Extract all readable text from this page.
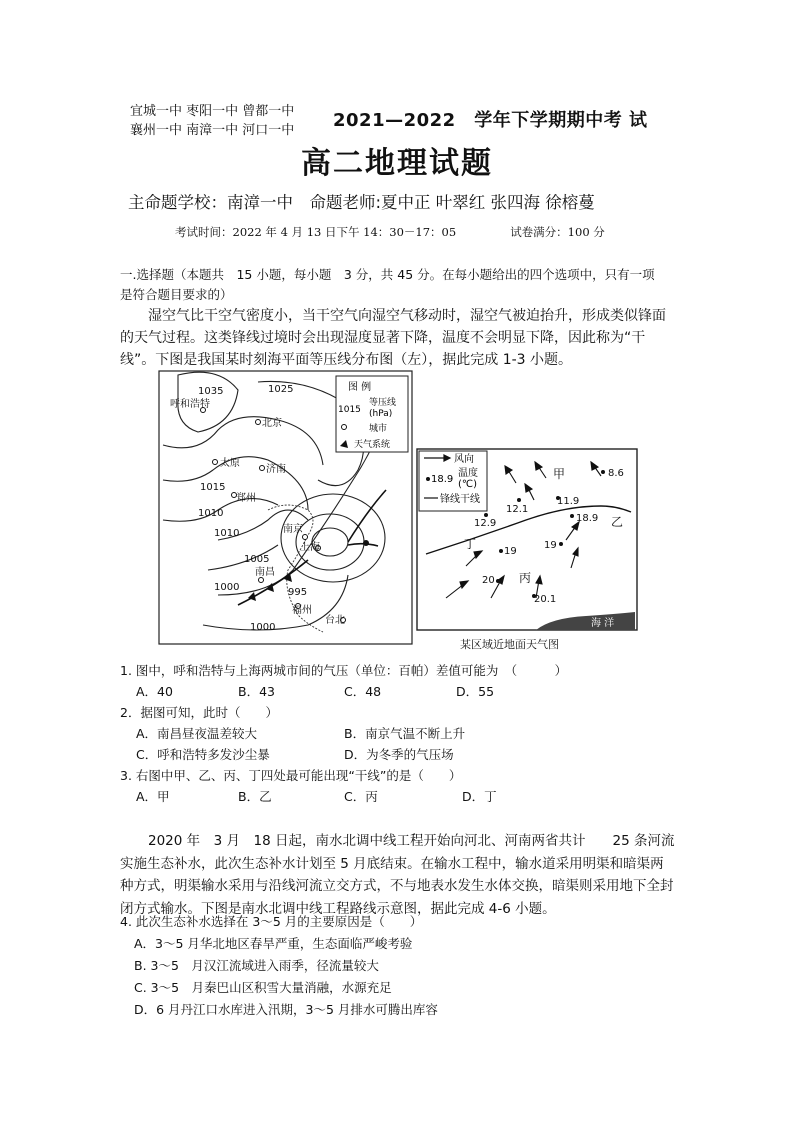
宜城一中 枣阳一中 曾都一中
襄州一中 南漳一中 河口一中 2021—2022　学年下学期期中考 试
高二地理试题
主命题学校：南漳一中　命题老师:夏中正 叶翠红 张四海 徐榕蔓
考试时间：2022 年 4 月 13 日下午 14：30－17：05	试卷满分：100 分
一.选择题（本题共　15 小题，每小题　3 分，共 45 分。在每小题给出的四个选项中，只有一项是符合题目要求的）
湿空气比干空气密度小，当干空气向湿空气移动时，湿空气被迫抬升，形成类似锋面的天气过程。这类锋线过境时会出现湿度显著下降，温度不会明显下降，因此称为“干线”。下图是我国某时刻海平面等压线分布图（左），据此完成 1-3 小题。
1035	1025
1015
1010
1010
1005
1000	995
1000
呼和浩特
北京
太原
济南
郑州
南京
上海
南昌
福州
台北
图 例
1015
等压线
(hPa)
城市
天气系统
风向
18.9
温度
(℃)
锋线干线
海 洋
8.6
11.9
12.1
12.9	18.9
19
19
20
20.1
甲
乙
丙
丁
某区域近地面天气图
1. 图中，呼和浩特与上海两城市间的气压（单位：百帕）差值可能为　（　　　）
A．40	B．43	C．48	D．55
2．据图可知，此时（　　）
A．南昌昼夜温差较大	B．南京气温不断上升
C．呼和浩特多发沙尘暴	D．为冬季的气压场
3. 右图中甲、乙、丙、丁四处最可能出现“干线”的是（　　）
A．甲	B．乙	C．丙	D．丁
2020 年　3 月　18 日起，南水北调中线工程开始向河北、河南两省共计　　25 条河流实施生态补水，此次生态补水计划至 5 月底结束。在输水工程中，输水道采用明渠和暗渠两种方式，明渠输水采用与沿线河流立交方式，不与地表水发生水体交换，暗渠则采用地下全封闭方式输水。下图是南水北调中线工程路线示意图，据此完成 4-6 小题。
4. 此次生态补水选择在 3～5 月的主要原因是（　　）
A．3～5 月华北地区春旱严重，生态面临严峻考验
B. 3～5　月汉江流域进入雨季，径流量较大
C. 3～5　月秦巴山区积雪大量消融，水源充足
D．6 月丹江口水库进入汛期，3～5 月排水可腾出库容
